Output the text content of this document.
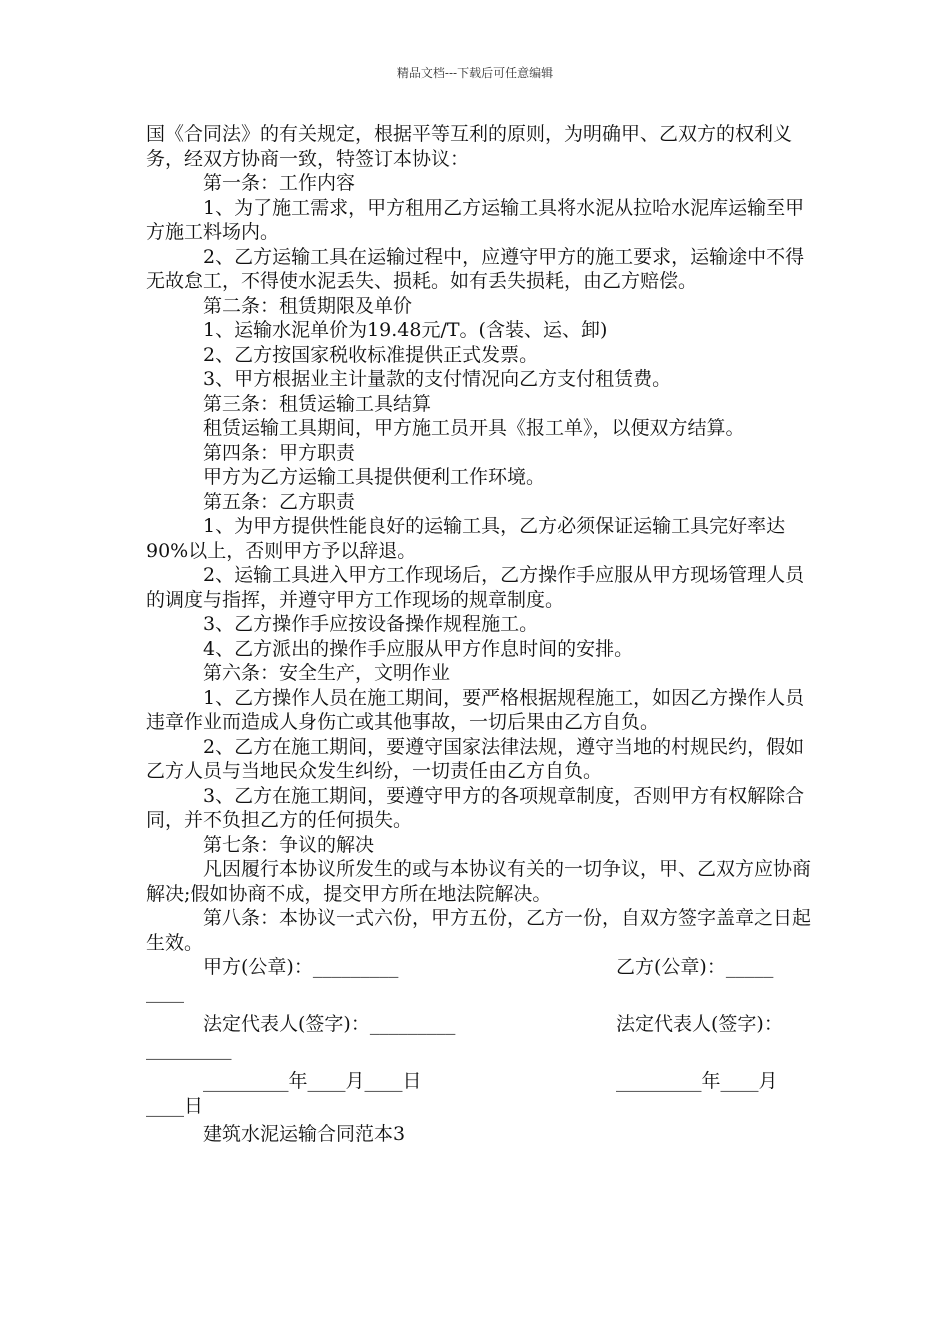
精品文档---下载后可任意编辑

国《合同法》的有关规定，根据平等互利的原则，为明确甲、乙双方的权利义务，经双方协商一致，特签订本协议：

第一条：工作内容

1、为了施工需求，甲方租用乙方运输工具将水泥从拉哈水泥库运输至甲方施工料场内。

2、乙方运输工具在运输过程中，应遵守甲方的施工要求，运输途中不得无故怠工，不得使水泥丢失、损耗。如有丢失损耗，由乙方赔偿。

第二条：租赁期限及单价

1、运输水泥单价为19.48元/T。(含装、运、卸)

2、乙方按国家税收标准提供正式发票。

3、甲方根据业主计量款的支付情况向乙方支付租赁费。

第三条：租赁运输工具结算

租赁运输工具期间，甲方施工员开具《报工单》，以便双方结算。

第四条：甲方职责

甲方为乙方运输工具提供便利工作环境。

第五条：乙方职责

1、为甲方提供性能良好的运输工具，乙方必须保证运输工具完好率达90%以上，否则甲方予以辞退。

2、运输工具进入甲方工作现场后，乙方操作手应服从甲方现场管理人员的调度与指挥，并遵守甲方工作现场的规章制度。

3、乙方操作手应按设备操作规程施工。

4、乙方派出的操作手应服从甲方作息时间的安排。

第六条：安全生产，文明作业

1、乙方操作人员在施工期间，要严格根据规程施工，如因乙方操作人员违章作业而造成人身伤亡或其他事故，一切后果由乙方自负。

2、乙方在施工期间，要遵守国家法律法规，遵守当地的村规民约，假如乙方人员与当地民众发生纠纷，一切责任由乙方自负。

3、乙方在施工期间，要遵守甲方的各项规章制度，否则甲方有权解除合同，并不负担乙方的任何损失。

第七条：争议的解决

凡因履行本协议所发生的或与本协议有关的一切争议，甲、乙双方应协商解决;假如协商不成，提交甲方所在地法院解决。

第八条：本协议一式六份，甲方五份，乙方一份，自双方签字盖章之日起生效。

甲方(公章)：_________	乙方(公章)：_____
____
法定代表人(签字)：_________	法定代表人(签字)：
_________
_________年____月____日	_________年____月
____日

建筑水泥运输合同范本3
